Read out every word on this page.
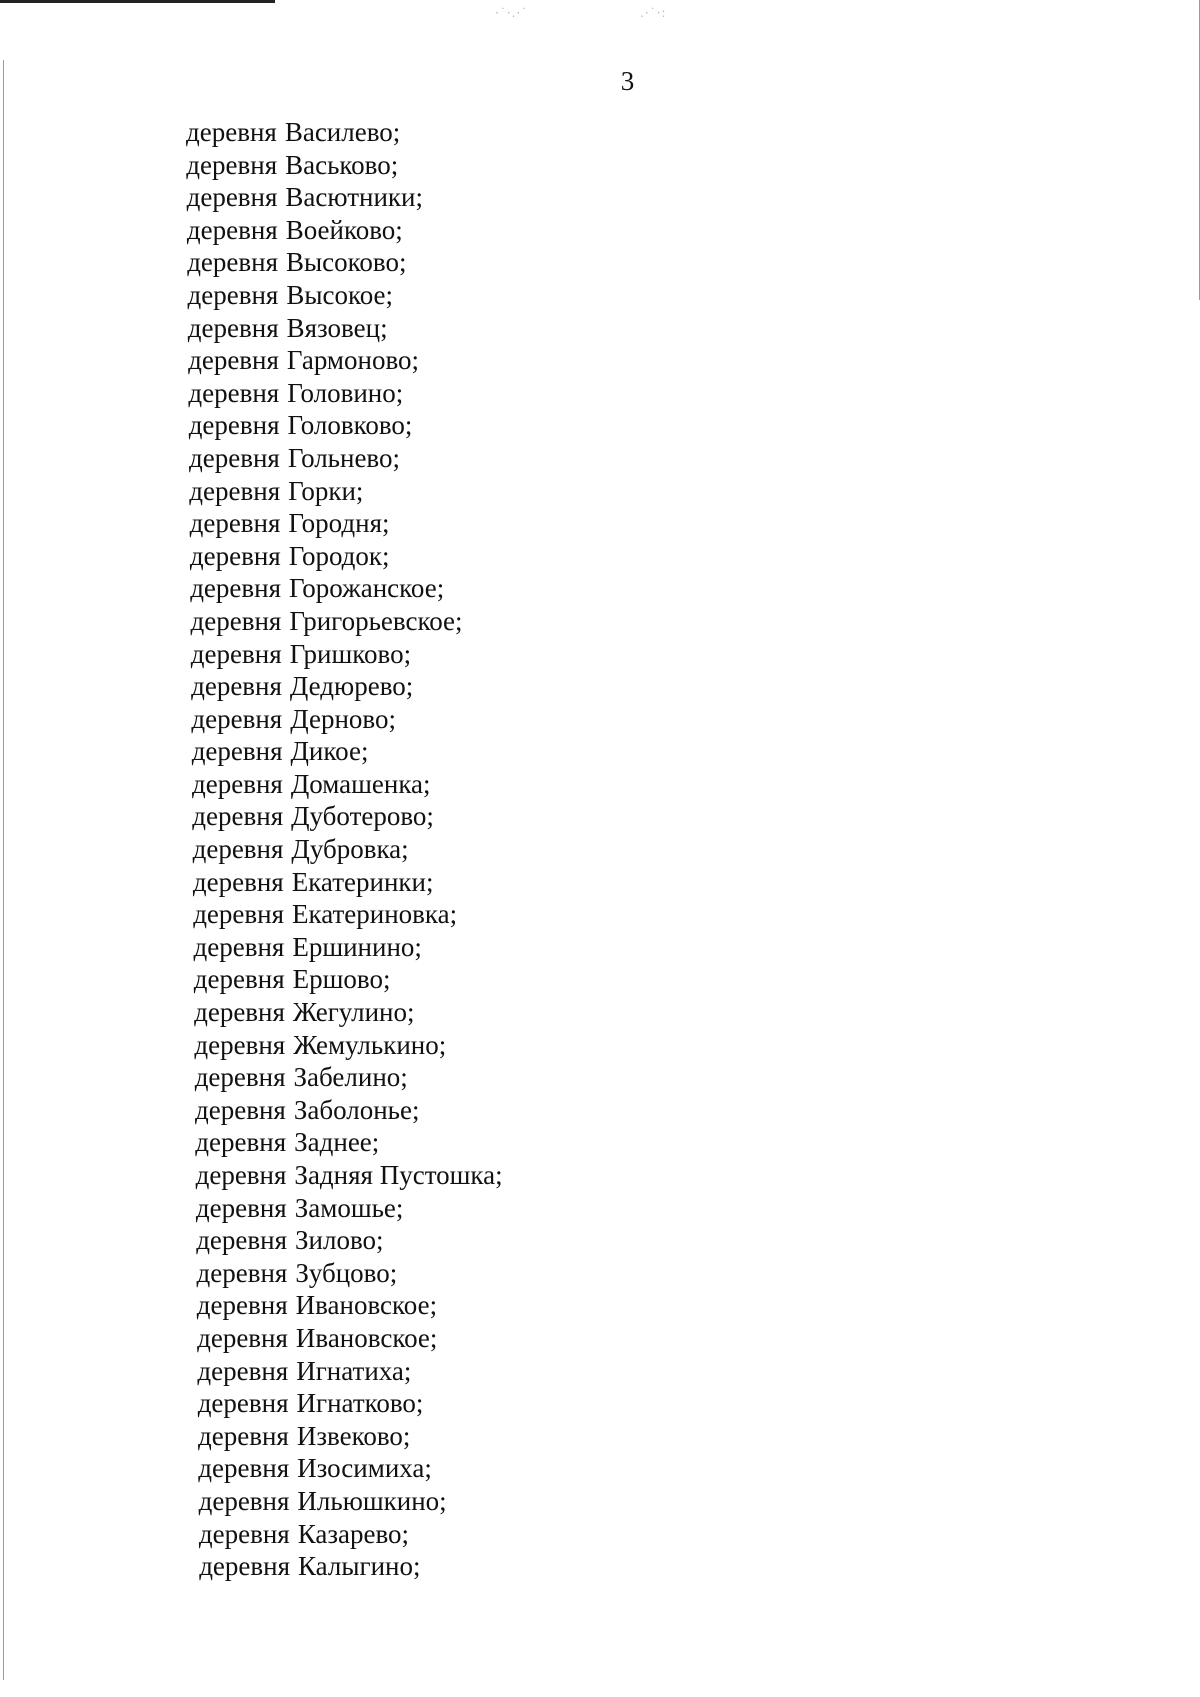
·˙·.·˙	.·˙·:
3
деревня Василево;
деревня Васьково;
деревня Васютники;
деревня Воейково;
деревня Высоково;
деревня Высокое;
деревня Вязовец;
деревня Гармоново;
деревня Головино;
деревня Головково;
деревня Гольнево;
деревня Горки;
деревня Городня;
деревня Городок;
деревня Горожанское;
деревня Григорьевское;
деревня Гришково;
деревня Дедюрево;
деревня Дерново;
деревня Дикое;
деревня Домашенка;
деревня Дуботерово;
деревня Дубровка;
деревня Екатеринки;
деревня Екатериновка;
деревня Ершинино;
деревня Ершово;
деревня Жегулино;
деревня Жемулькино;
деревня Забелино;
деревня Заболонье;
деревня Заднее;
деревня Задняя Пустошка;
деревня Замошье;
деревня Зилово;
деревня Зубцово;
деревня Ивановское;
деревня Ивановское;
деревня Игнатиха;
деревня Игнатково;
деревня Извеково;
деревня Изосимиха;
деревня Ильюшкино;
деревня Казарево;
деревня Калыгино;
